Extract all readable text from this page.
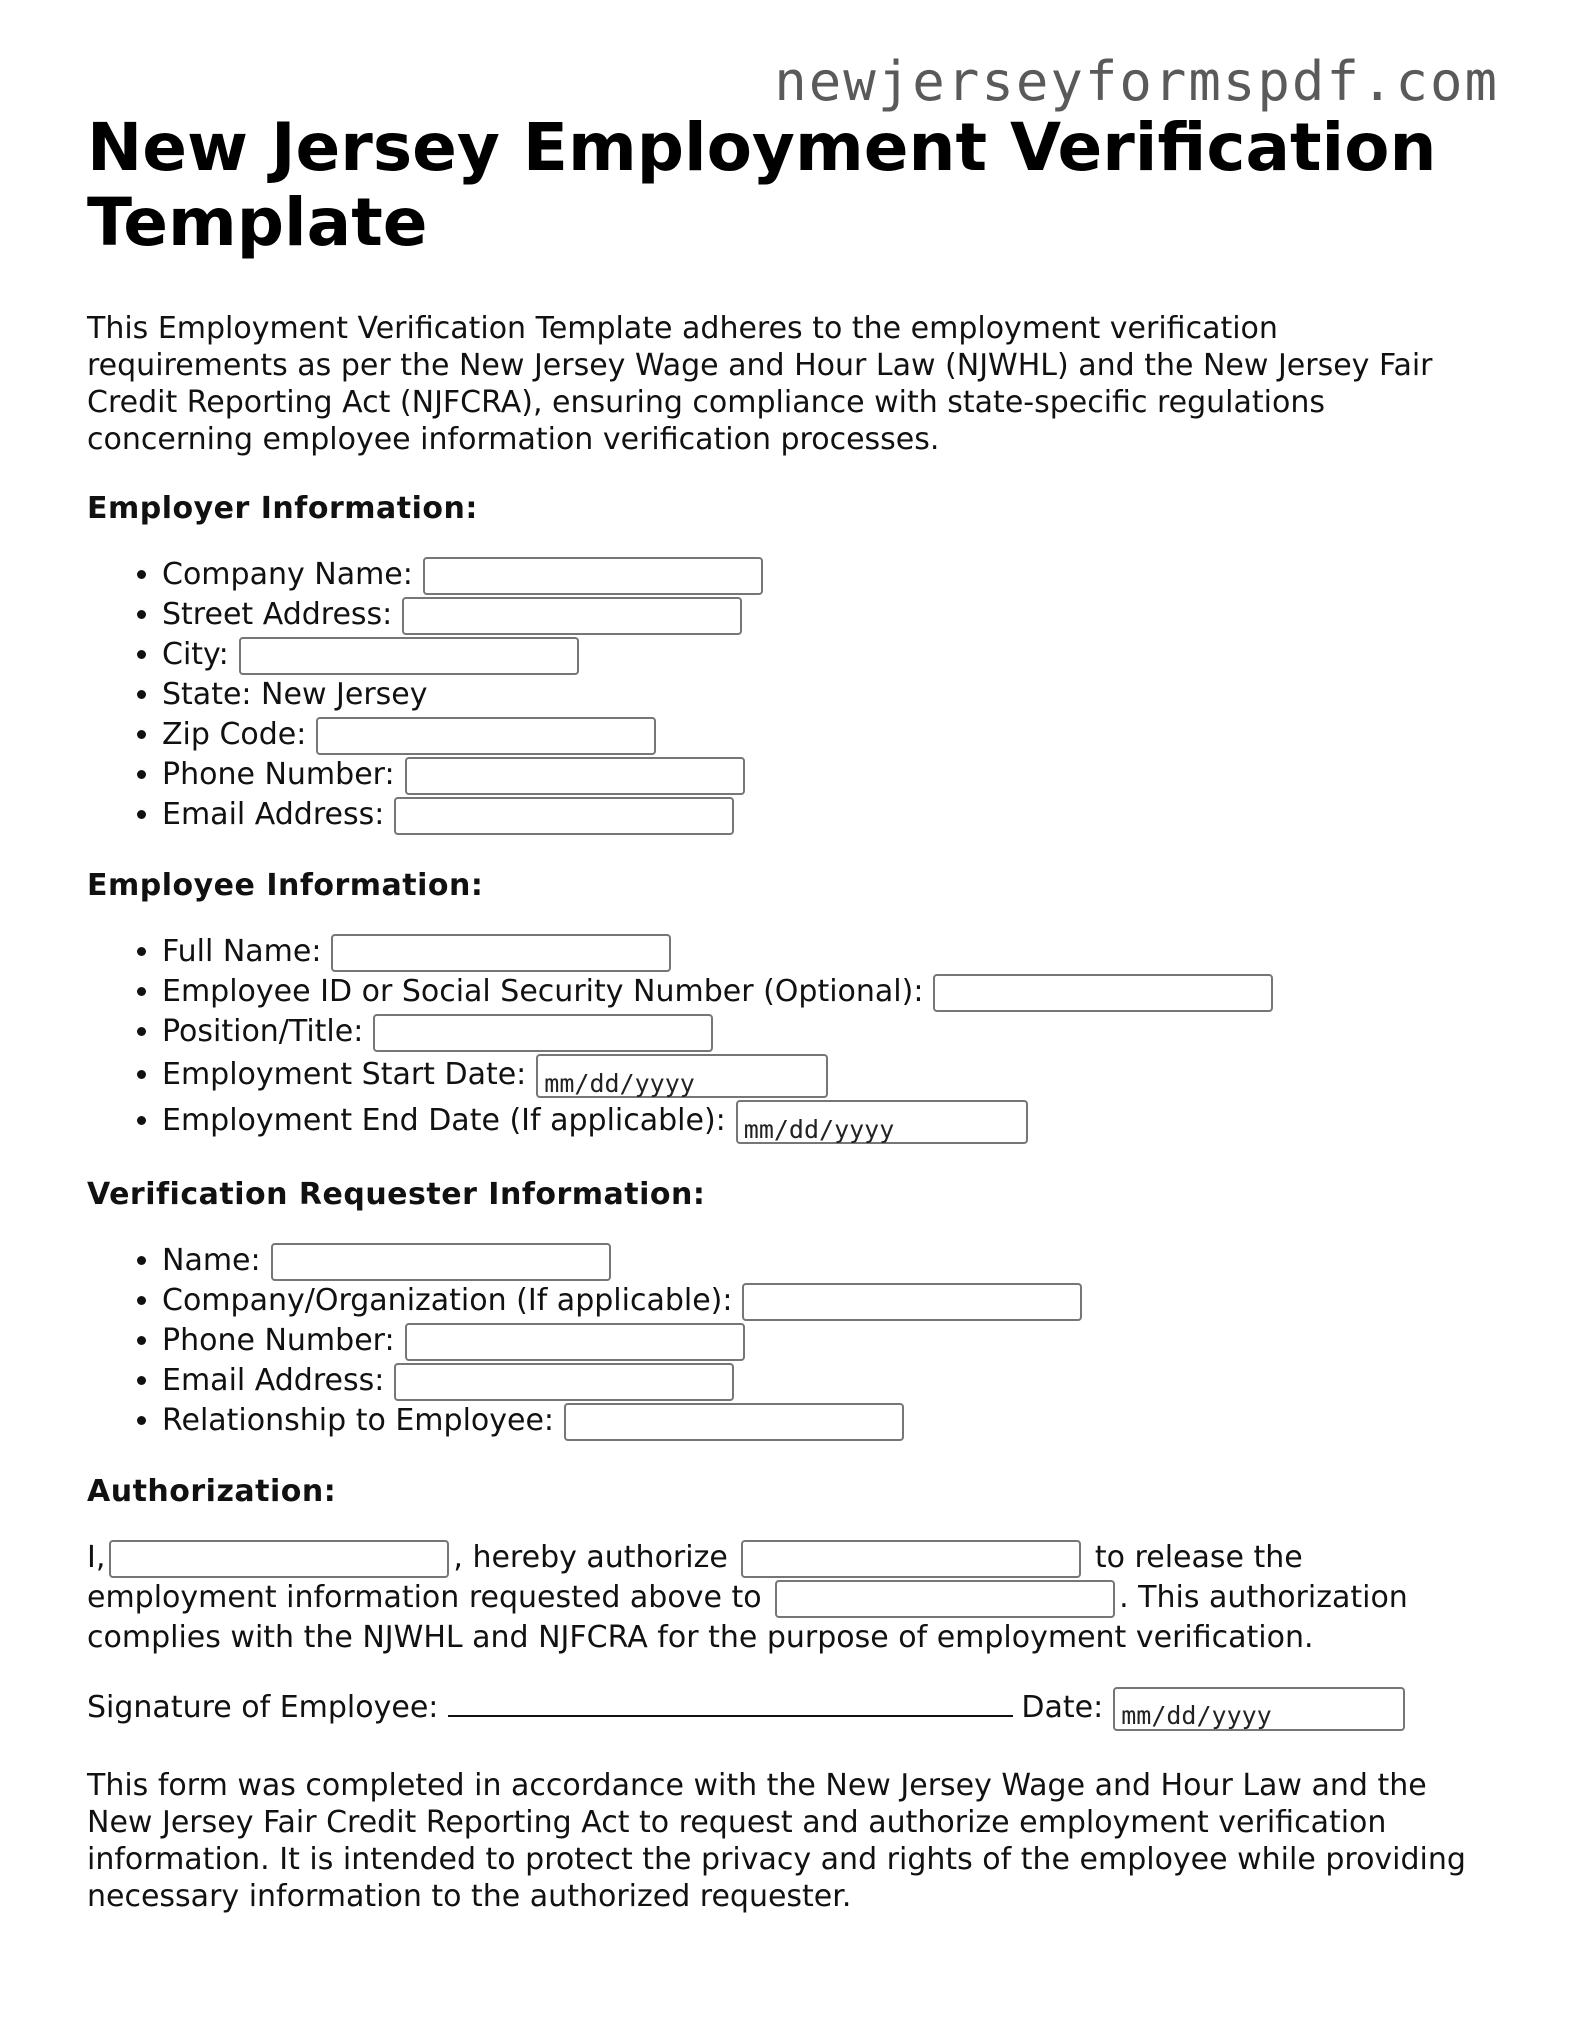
newjerseyformspdf.com

New Jersey Employment Verification Template

This Employment Verification Template adheres to the employment verification requirements as per the New Jersey Wage and Hour Law (NJWHL) and the New Jersey Fair Credit Reporting Act (NJFCRA), ensuring compliance with state-specific regulations concerning employee information verification processes.

Employer Information:
• Company Name:
• Street Address:
• City:
• State: New Jersey
• Zip Code:
• Phone Number:
• Email Address:
Employee Information:
• Full Name:
• Employee ID or Social Security Number (Optional):
• Position/Title:
• Employment Start Date: mm/dd/yyyy
• Employment End Date (If applicable): mm/dd/yyyy
Verification Requester Information:
• Name:
• Company/Organization (If applicable):
• Phone Number:
• Email Address:
• Relationship to Employee:
Authorization:

I,	, hereby authorize	to release the employment information requested above to	. This authorization complies with the NJWHL and NJFCRA for the purpose of employment verification.

Signature of Employee:	Date: mm/dd/yyyy

This form was completed in accordance with the New Jersey Wage and Hour Law and the New Jersey Fair Credit Reporting Act to request and authorize employment verification information. It is intended to protect the privacy and rights of the employee while providing necessary information to the authorized requester.
